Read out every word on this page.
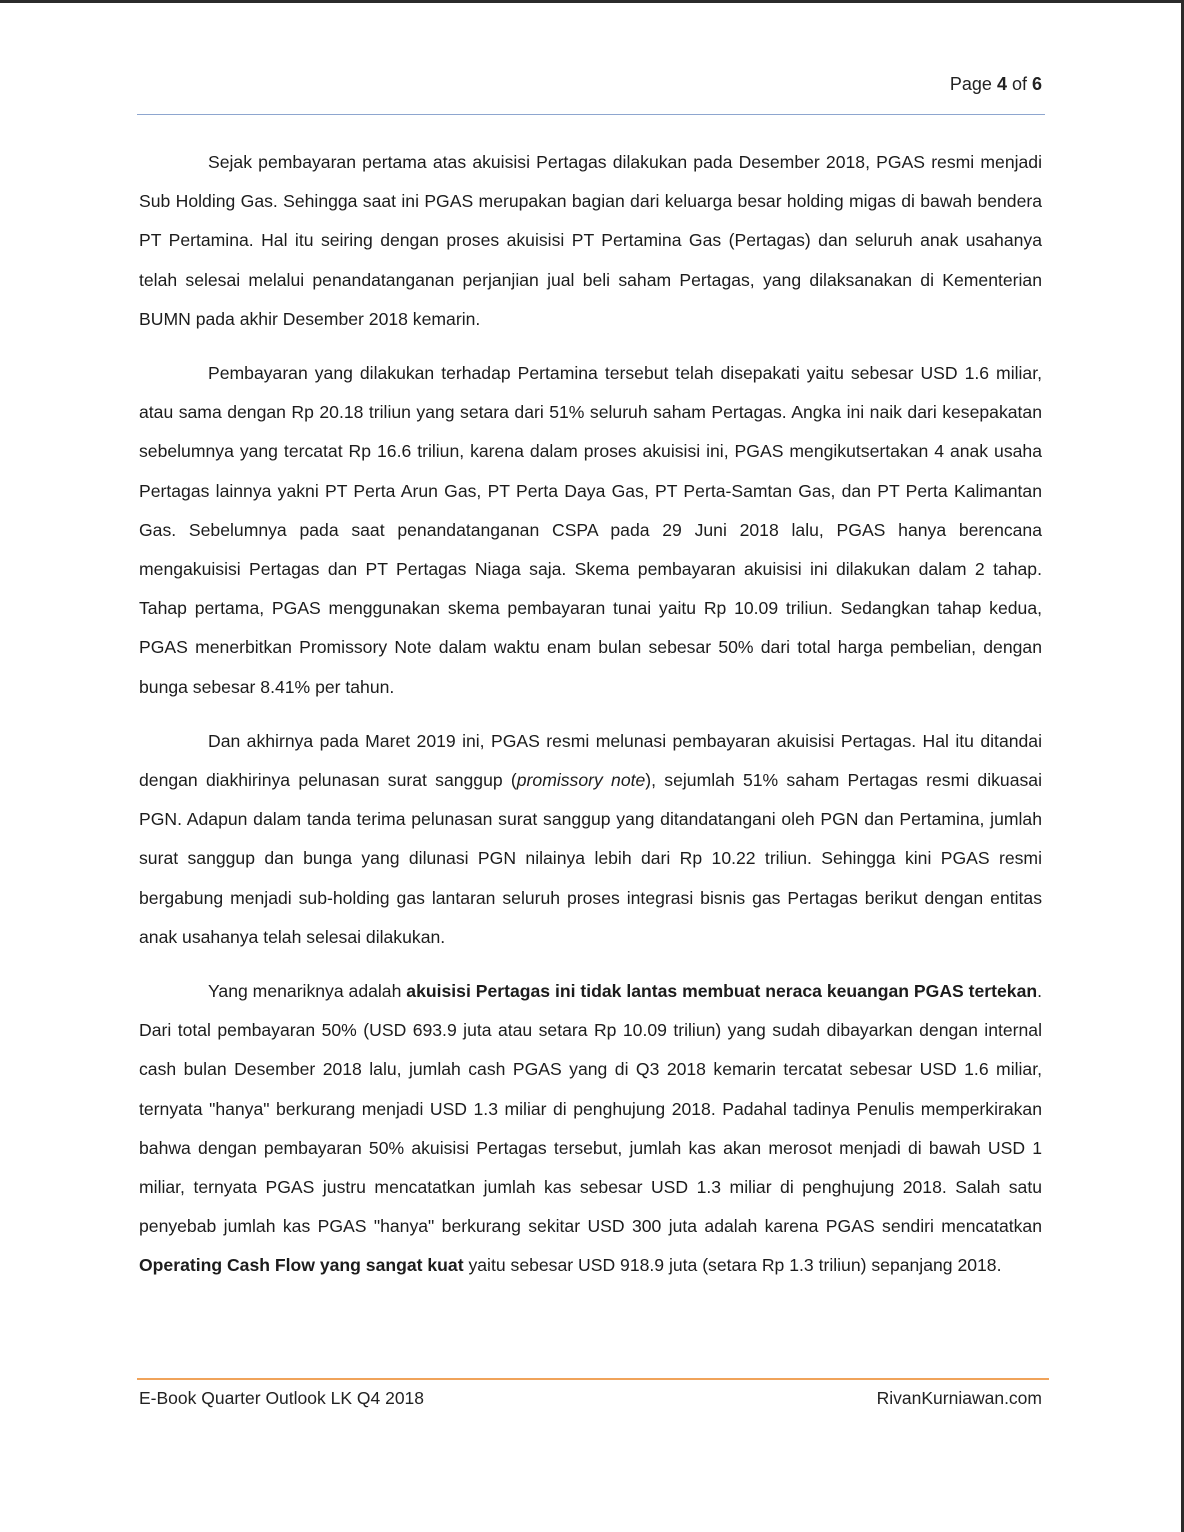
Page 4 of 6

Sejak pembayaran pertama atas akuisisi Pertagas dilakukan pada Desember 2018, PGAS resmi menjadi Sub Holding Gas. Sehingga saat ini PGAS merupakan bagian dari keluarga besar holding migas di bawah bendera PT Pertamina. Hal itu seiring dengan proses akuisisi PT Pertamina Gas (Pertagas) dan seluruh anak usahanya telah selesai melalui penandatanganan perjanjian jual beli saham Pertagas, yang dilaksanakan di Kementerian BUMN pada akhir Desember 2018 kemarin.

Pembayaran yang dilakukan terhadap Pertamina tersebut telah disepakati yaitu sebesar USD 1.6 miliar, atau sama dengan Rp 20.18 triliun yang setara dari 51% seluruh saham Pertagas. Angka ini naik dari kesepakatan sebelumnya yang tercatat Rp 16.6 triliun, karena dalam proses akuisisi ini, PGAS mengikutsertakan 4 anak usaha Pertagas lainnya yakni PT Perta Arun Gas, PT Perta Daya Gas, PT Perta-Samtan Gas, dan PT Perta Kalimantan Gas. Sebelumnya pada saat penandatanganan CSPA pada 29 Juni 2018 lalu, PGAS hanya berencana mengakuisisi Pertagas dan PT Pertagas Niaga saja. Skema pembayaran akuisisi ini dilakukan dalam 2 tahap. Tahap pertama, PGAS menggunakan skema pembayaran tunai yaitu Rp 10.09 triliun. Sedangkan tahap kedua, PGAS menerbitkan Promissory Note dalam waktu enam bulan sebesar 50% dari total harga pembelian, dengan bunga sebesar 8.41% per tahun.

Dan akhirnya pada Maret 2019 ini, PGAS resmi melunasi pembayaran akuisisi Pertagas. Hal itu ditandai dengan diakhirinya pelunasan surat sanggup (promissory note), sejumlah 51% saham Pertagas resmi dikuasai PGN. Adapun dalam tanda terima pelunasan surat sanggup yang ditandatangani oleh PGN dan Pertamina, jumlah surat sanggup dan bunga yang dilunasi PGN nilainya lebih dari Rp 10.22 triliun. Sehingga kini PGAS resmi bergabung menjadi sub-holding gas lantaran seluruh proses integrasi bisnis gas Pertagas berikut dengan entitas anak usahanya telah selesai dilakukan.

Yang menariknya adalah akuisisi Pertagas ini tidak lantas membuat neraca keuangan PGAS tertekan. Dari total pembayaran 50% (USD 693.9 juta atau setara Rp 10.09 triliun) yang sudah dibayarkan dengan internal cash bulan Desember 2018 lalu, jumlah cash PGAS yang di Q3 2018 kemarin tercatat sebesar USD 1.6 miliar, ternyata "hanya" berkurang menjadi USD 1.3 miliar di penghujung 2018. Padahal tadinya Penulis memperkirakan bahwa dengan pembayaran 50% akuisisi Pertagas tersebut, jumlah kas akan merosot menjadi di bawah USD 1 miliar, ternyata PGAS justru mencatatkan jumlah kas sebesar USD 1.3 miliar di penghujung 2018. Salah satu penyebab jumlah kas PGAS "hanya" berkurang sekitar USD 300 juta adalah karena PGAS sendiri mencatatkan Operating Cash Flow yang sangat kuat yaitu sebesar USD 918.9 juta (setara Rp 1.3 triliun) sepanjang 2018.

E-Book Quarter Outlook LK Q4 2018	RivanKurniawan.com
